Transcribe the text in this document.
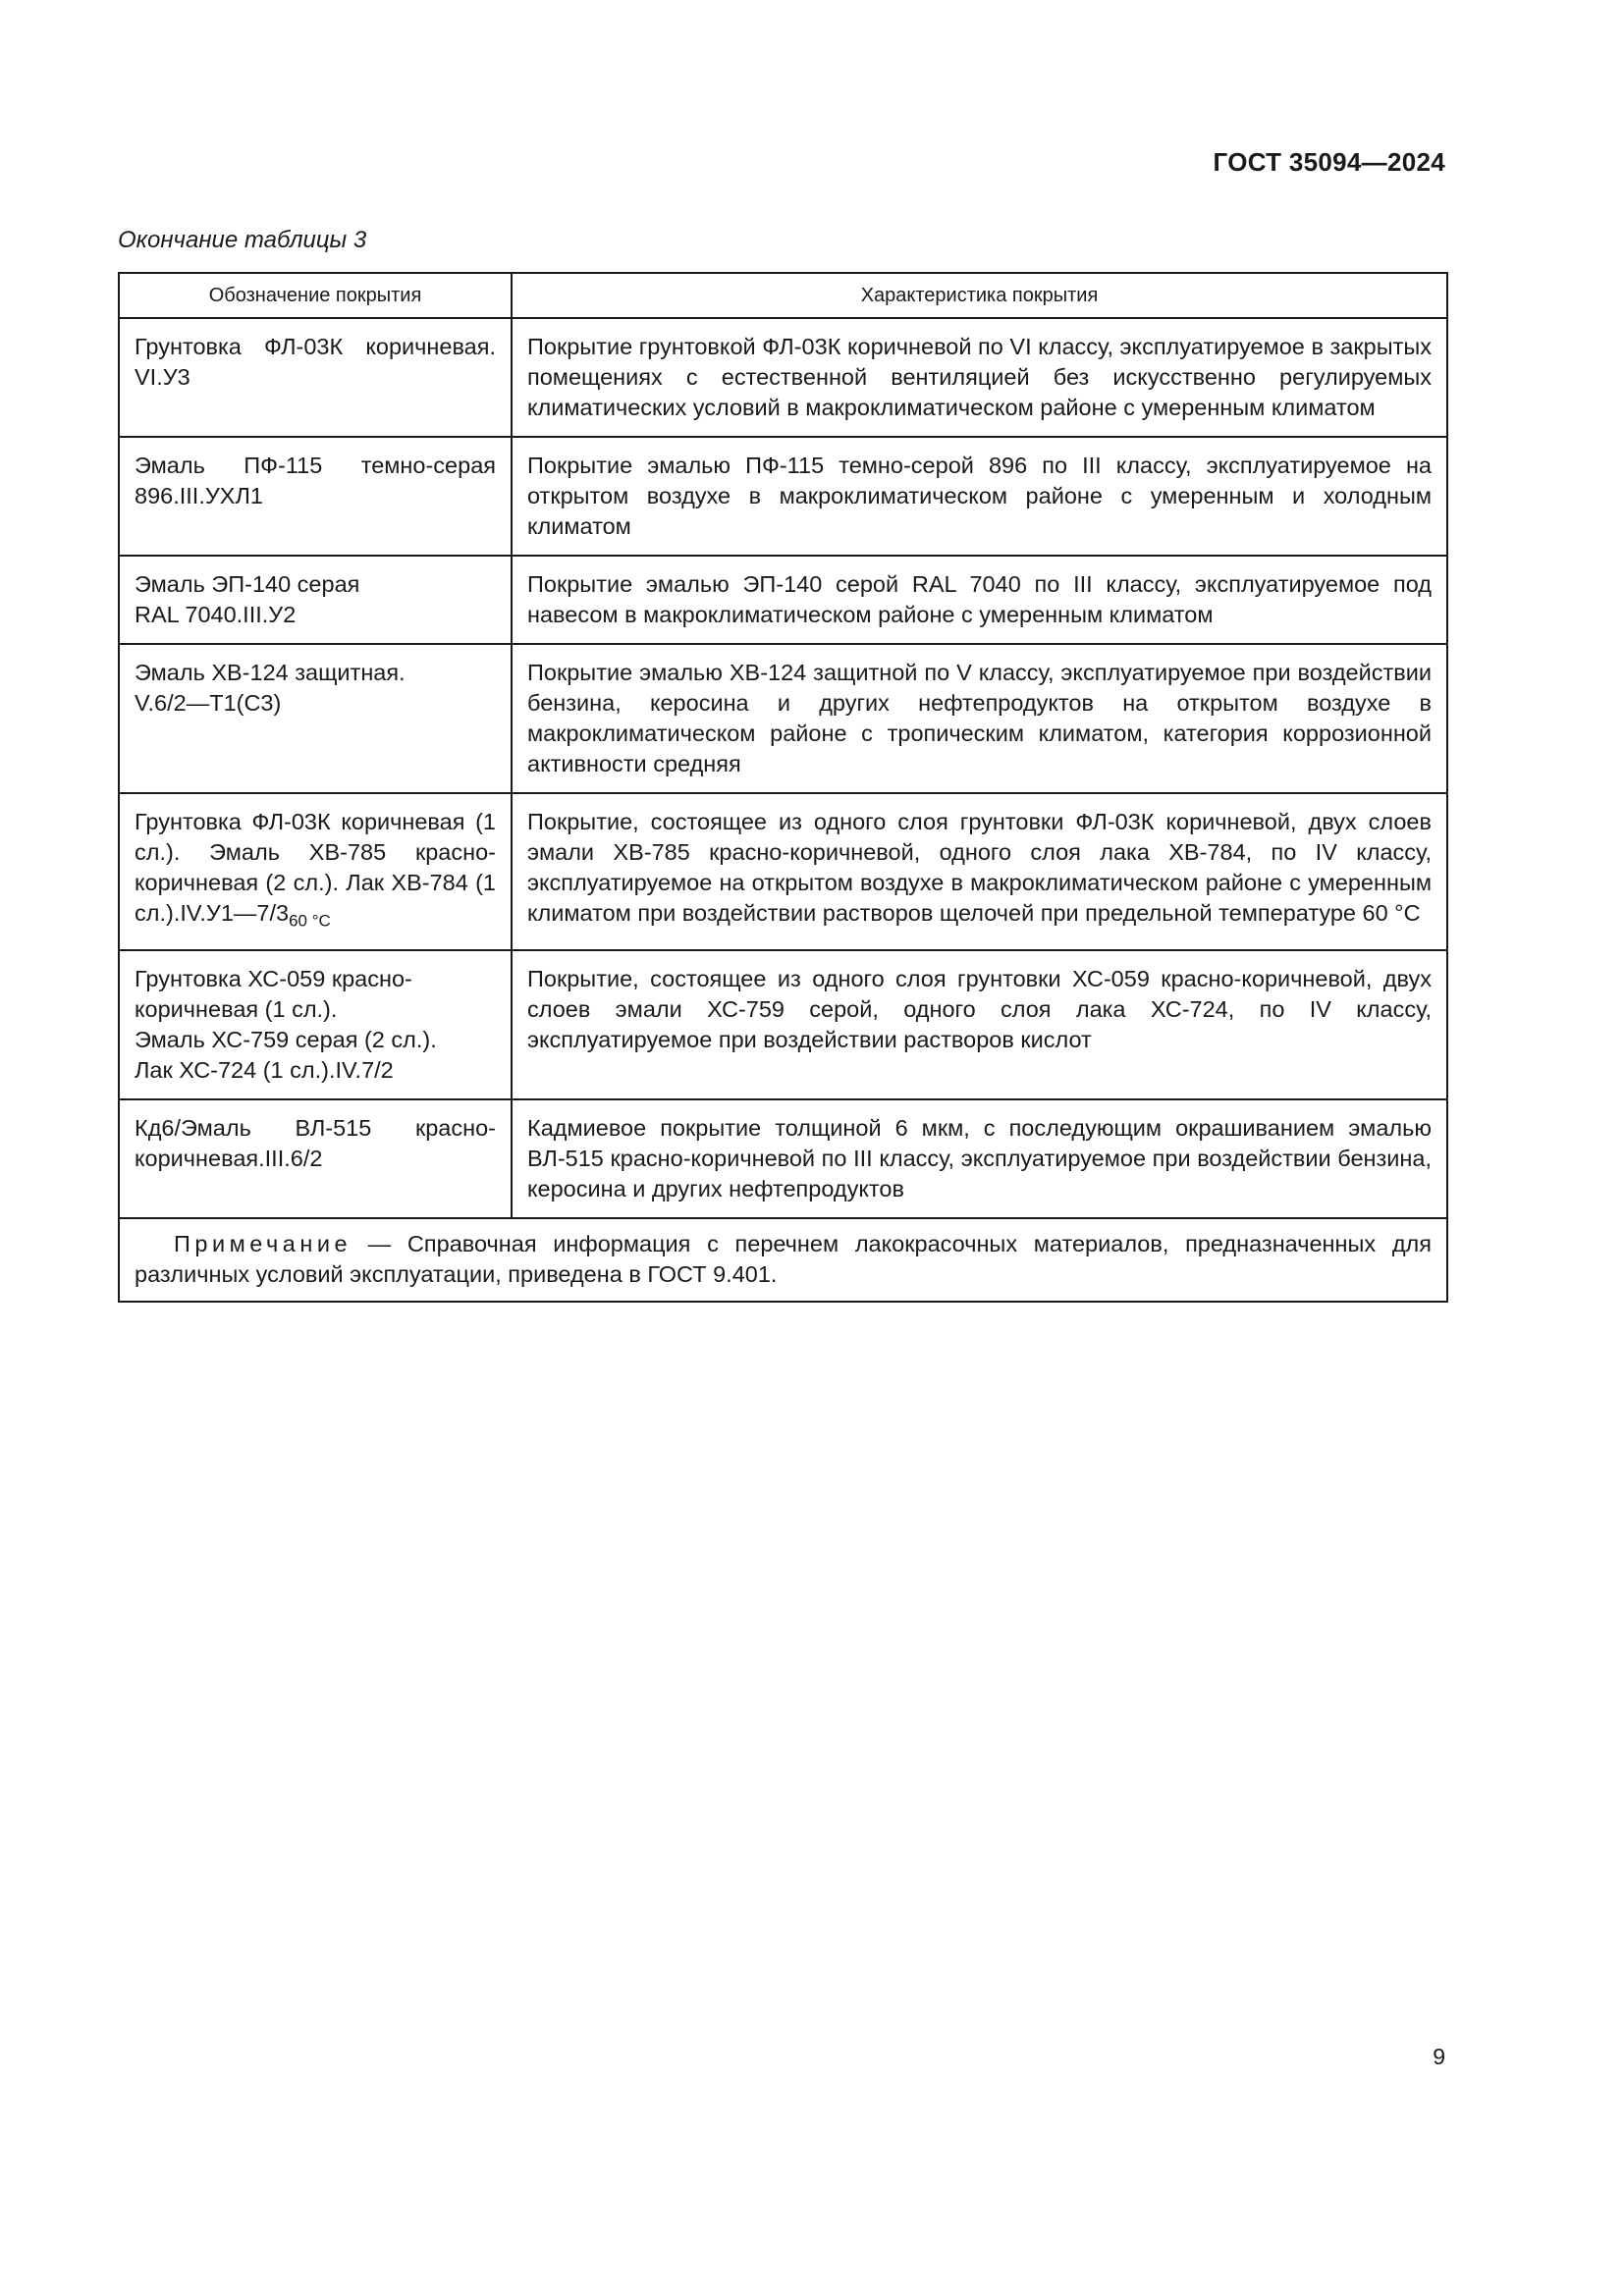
ГОСТ 35094—2024
Окончание таблицы 3
Обозначение покрытия	Характеристика покрытия
Грунтовка ФЛ-03К коричневая. VI.У3	Покрытие грунтовкой ФЛ-03К коричневой по VI классу, эксплуатируемое в закрытых помещениях с естественной вентиляцией без искусственно регулируемых климатических условий в макроклиматическом районе с умеренным климатом
Эмаль ПФ-115 темно-серая 896.III.УХЛ1	Покрытие эмалью ПФ-115 темно-серой 896 по III классу, эксплуатируемое на открытом воздухе в макроклиматическом районе с умеренным и холодным климатом

Эмаль ЭП-140 серая RAL 7040.III.У2	Покрытие эмалью ЭП-140 серой RAL 7040 по III классу, эксплуатируемое под навесом в макроклиматическом районе с умеренным климатом

Эмаль ХВ-124 защитная. V.6/2—Т1(С3)	Покрытие эмалью ХВ-124 защитной по V классу, эксплуатируемое при воздействии бензина, керосина и других нефтепродуктов на открытом воздухе в макроклиматическом районе с тропическим климатом, категория коррозионной активности средняя
Грунтовка ФЛ-03К коричневая (1 сл.). Эмаль ХВ-785 красно-коричневая (2 сл.). Лак ХВ-784 (1 $сл.).IV.У1—7/3_{60 ^\circ С}$	Покрытие, состоящее из одного слоя грунтовки ФЛ-03К коричневой, двух слоев эмали ХВ-785 красно-коричневой, одного слоя лака ХВ-784, по IV классу, эксплуатируемое на открытом воздухе в макроклиматическом районе с умеренным климатом при воздействии растворов щелочей при предельной температуре 60 °С

Грунтовка ХС-059 красно-коричневая (1 сл.).
Эмаль ХС-759 серая (2 сл.).
Лак ХС-724 (1 сл.).IV.7/2	Покрытие, состоящее из одного слоя грунтовки ХС-059 красно-коричневой, двух слоев эмали ХС-759 серой, одного слоя лака ХС-724, по IV классу, эксплуатируемое при воздействии растворов кислот
Кд6/Эмаль ВЛ-515 красно-коричневая.III.6/2	Кадмиевое покрытие толщиной 6 мкм, с последующим окрашиванием эмалью ВЛ-515 красно-коричневой по III классу, эксплуатируемое при воздействии бензина, керосина и других нефтепродуктов
Примечание — Справочная информация с перечнем лакокрасочных материалов, предназначенных для различных условий эксплуатации, приведена в ГОСТ 9.401.	
9
